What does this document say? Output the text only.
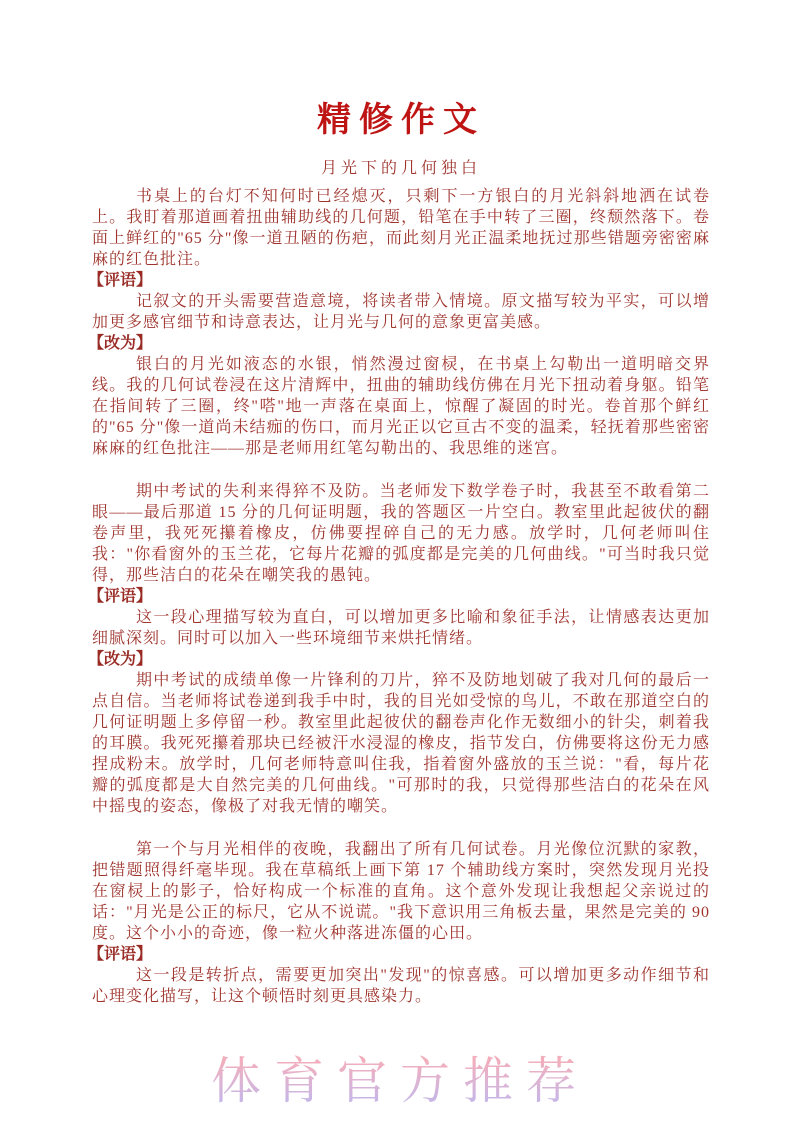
精修作文
月光下的几何独白

书桌上的台灯不知何时已经熄灭，只剩下一方银白的月光斜斜地洒在试卷上。我盯着那道画着扭曲辅助线的几何题，铅笔在手中转了三圈，终颓然落下。卷面上鲜红的"65 分"像一道丑陋的伤疤，而此刻月光正温柔地抚过那些错题旁密密麻麻的红色批注。

【评语】

记叙文的开头需要营造意境，将读者带入情境。原文描写较为平实，可以增加更多感官细节和诗意表达，让月光与几何的意象更富美感。

【改为】

银白的月光如液态的水银，悄然漫过窗棂，在书桌上勾勒出一道明暗交界线。我的几何试卷浸在这片清辉中，扭曲的辅助线仿佛在月光下扭动着身躯。铅笔在指间转了三圈，终"嗒"地一声落在桌面上，惊醒了凝固的时光。卷首那个鲜红的"65 分"像一道尚未结痂的伤口，而月光正以它亘古不变的温柔，轻抚着那些密密麻麻的红色批注——那是老师用红笔勾勒出的、我思维的迷宫。

期中考试的失利来得猝不及防。当老师发下数学卷子时，我甚至不敢看第二眼——最后那道 15 分的几何证明题，我的答题区一片空白。教室里此起彼伏的翻卷声里，我死死攥着橡皮，仿佛要捏碎自己的无力感。放学时，几何老师叫住我："你看窗外的玉兰花，它每片花瓣的弧度都是完美的几何曲线。"可当时我只觉得，那些洁白的花朵在嘲笑我的愚钝。

【评语】

这一段心理描写较为直白，可以增加更多比喻和象征手法，让情感表达更加细腻深刻。同时可以加入一些环境细节来烘托情绪。

【改为】

期中考试的成绩单像一片锋利的刀片，猝不及防地划破了我对几何的最后一点自信。当老师将试卷递到我手中时，我的目光如受惊的鸟儿，不敢在那道空白的几何证明题上多停留一秒。教室里此起彼伏的翻卷声化作无数细小的针尖，刺着我的耳膜。我死死攥着那块已经被汗水浸湿的橡皮，指节发白，仿佛要将这份无力感捏成粉末。放学时，几何老师特意叫住我，指着窗外盛放的玉兰说："看，每片花瓣的弧度都是大自然完美的几何曲线。"可那时的我，只觉得那些洁白的花朵在风中摇曳的姿态，像极了对我无情的嘲笑。

第一个与月光相伴的夜晚，我翻出了所有几何试卷。月光像位沉默的家教，把错题照得纤毫毕现。我在草稿纸上画下第 17 个辅助线方案时，突然发现月光投在窗棂上的影子，恰好构成一个标准的直角。这个意外发现让我想起父亲说过的话："月光是公正的标尺，它从不说谎。"我下意识用三角板去量，果然是完美的 90 度。这个小小的奇迹，像一粒火种落进冻僵的心田。

【评语】

这一段是转折点，需要更加突出"发现"的惊喜感。可以增加更多动作细节和心理变化描写，让这个顿悟时刻更具感染力。

体育官方推荐
